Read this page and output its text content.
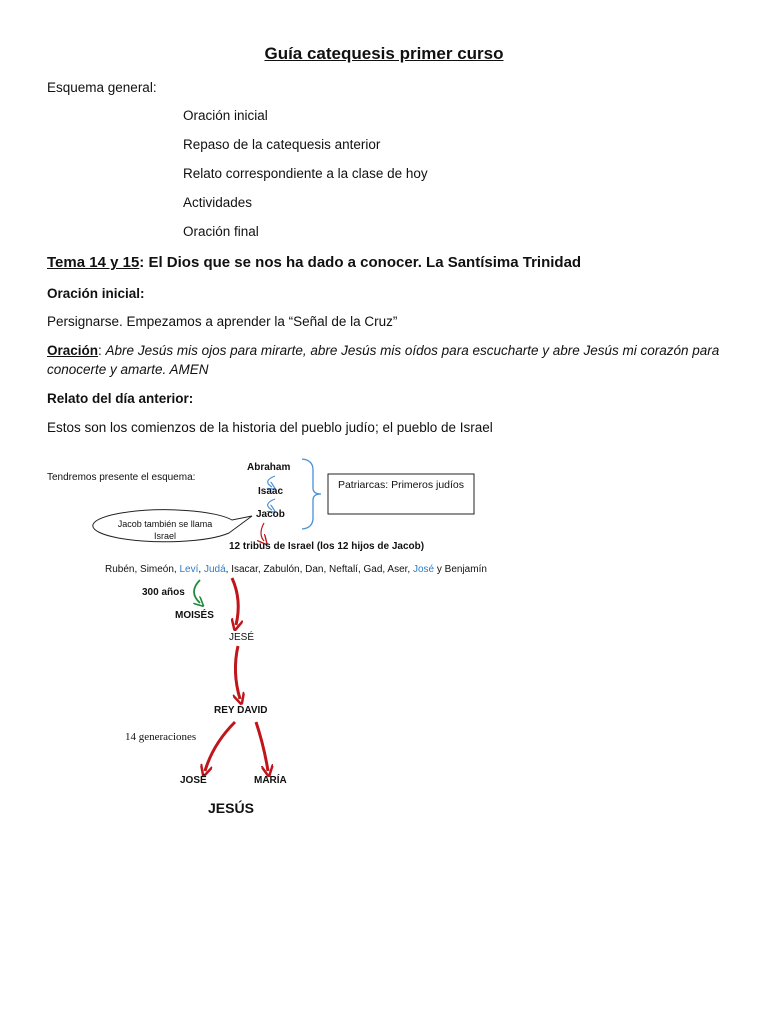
Guía catequesis primer curso
Esquema general:
Oración inicial
Repaso de la catequesis anterior
Relato correspondiente a la clase de hoy
Actividades
Oración final
Tema 14 y 15: El Dios que se nos ha dado a conocer. La Santísima Trinidad
Oración inicial:
Persignarse. Empezamos a aprender la “Señal de la Cruz”
Oración: Abre Jesús mis ojos para mirarte, abre Jesús mis oídos para escucharte y abre Jesús mi corazón para
conocerte y amarte. AMEN
Relato del día anterior:
Estos son los comienzos de la historia del pueblo judío; el pueblo de Israel
Tendremos presente el esquema:
Abraham
Isaac
Jacob
Patriarcas: Primeros judíos
Jacob también se llama
Israel
12 tribus de Israel (los 12 hijos de Jacob)
Rubén, Simeón, Leví, Judá, Isacar, Zabulón, Dan, Neftalí, Gad, Aser, José y Benjamín
300 años
MOISÉS
JESÉ
REY DAVID
14 generaciones
JOSÉ	MARÍA
JESÚS
